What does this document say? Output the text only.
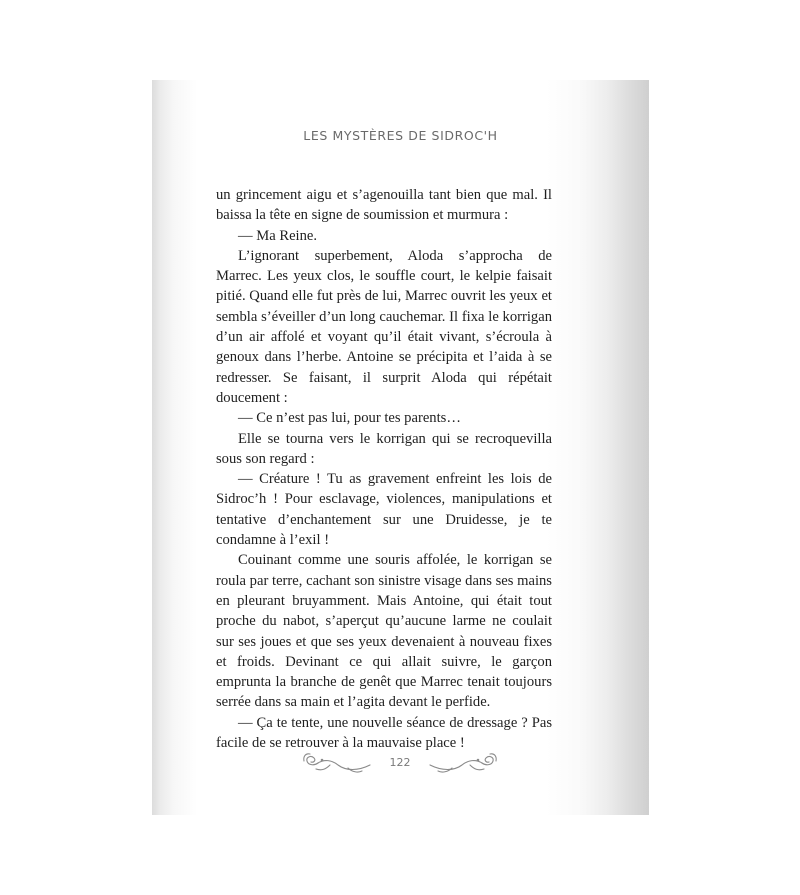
LES MYSTÈRES DE SIDROC'H

un grincement aigu et s’agenouilla tant bien que mal. Il baissa la tête en signe de soumission et murmura :

— Ma Reine.

L’ignorant superbement, Aloda s’approcha de Marrec. Les yeux clos, le souffle court, le kelpie faisait pitié. Quand elle fut près de lui, Marrec ouvrit les yeux et sembla s’éveiller d’un long cauchemar. Il fixa le korrigan d’un air affolé et voyant qu’il était vivant, s’écroula à genoux dans l’herbe. Antoine se précipita et l’aida à se redresser. Se faisant, il surprit Aloda qui répétait doucement :

— Ce n’est pas lui, pour tes parents…

Elle se tourna vers le korrigan qui se recroquevilla sous son regard :

— Créature ! Tu as gravement enfreint les lois de Sidroc’h ! Pour esclavage, violences, manipulations et tentative d’enchantement sur une Druidesse, je te condamne à l’exil !

Couinant comme une souris affolée, le korrigan se roula par terre, cachant son sinistre visage dans ses mains en pleurant bruyamment. Mais Antoine, qui était tout proche du nabot, s’aperçut qu’aucune larme ne coulait sur ses joues et que ses yeux devenaient à nouveau fixes et froids. Devinant ce qui allait suivre, le garçon emprunta la branche de genêt que Marrec tenait toujours serrée dans sa main et l’agita devant le perfide.

— Ça te tente, une nouvelle séance de dressage ? Pas facile de se retrouver à la mauvaise place !

122
